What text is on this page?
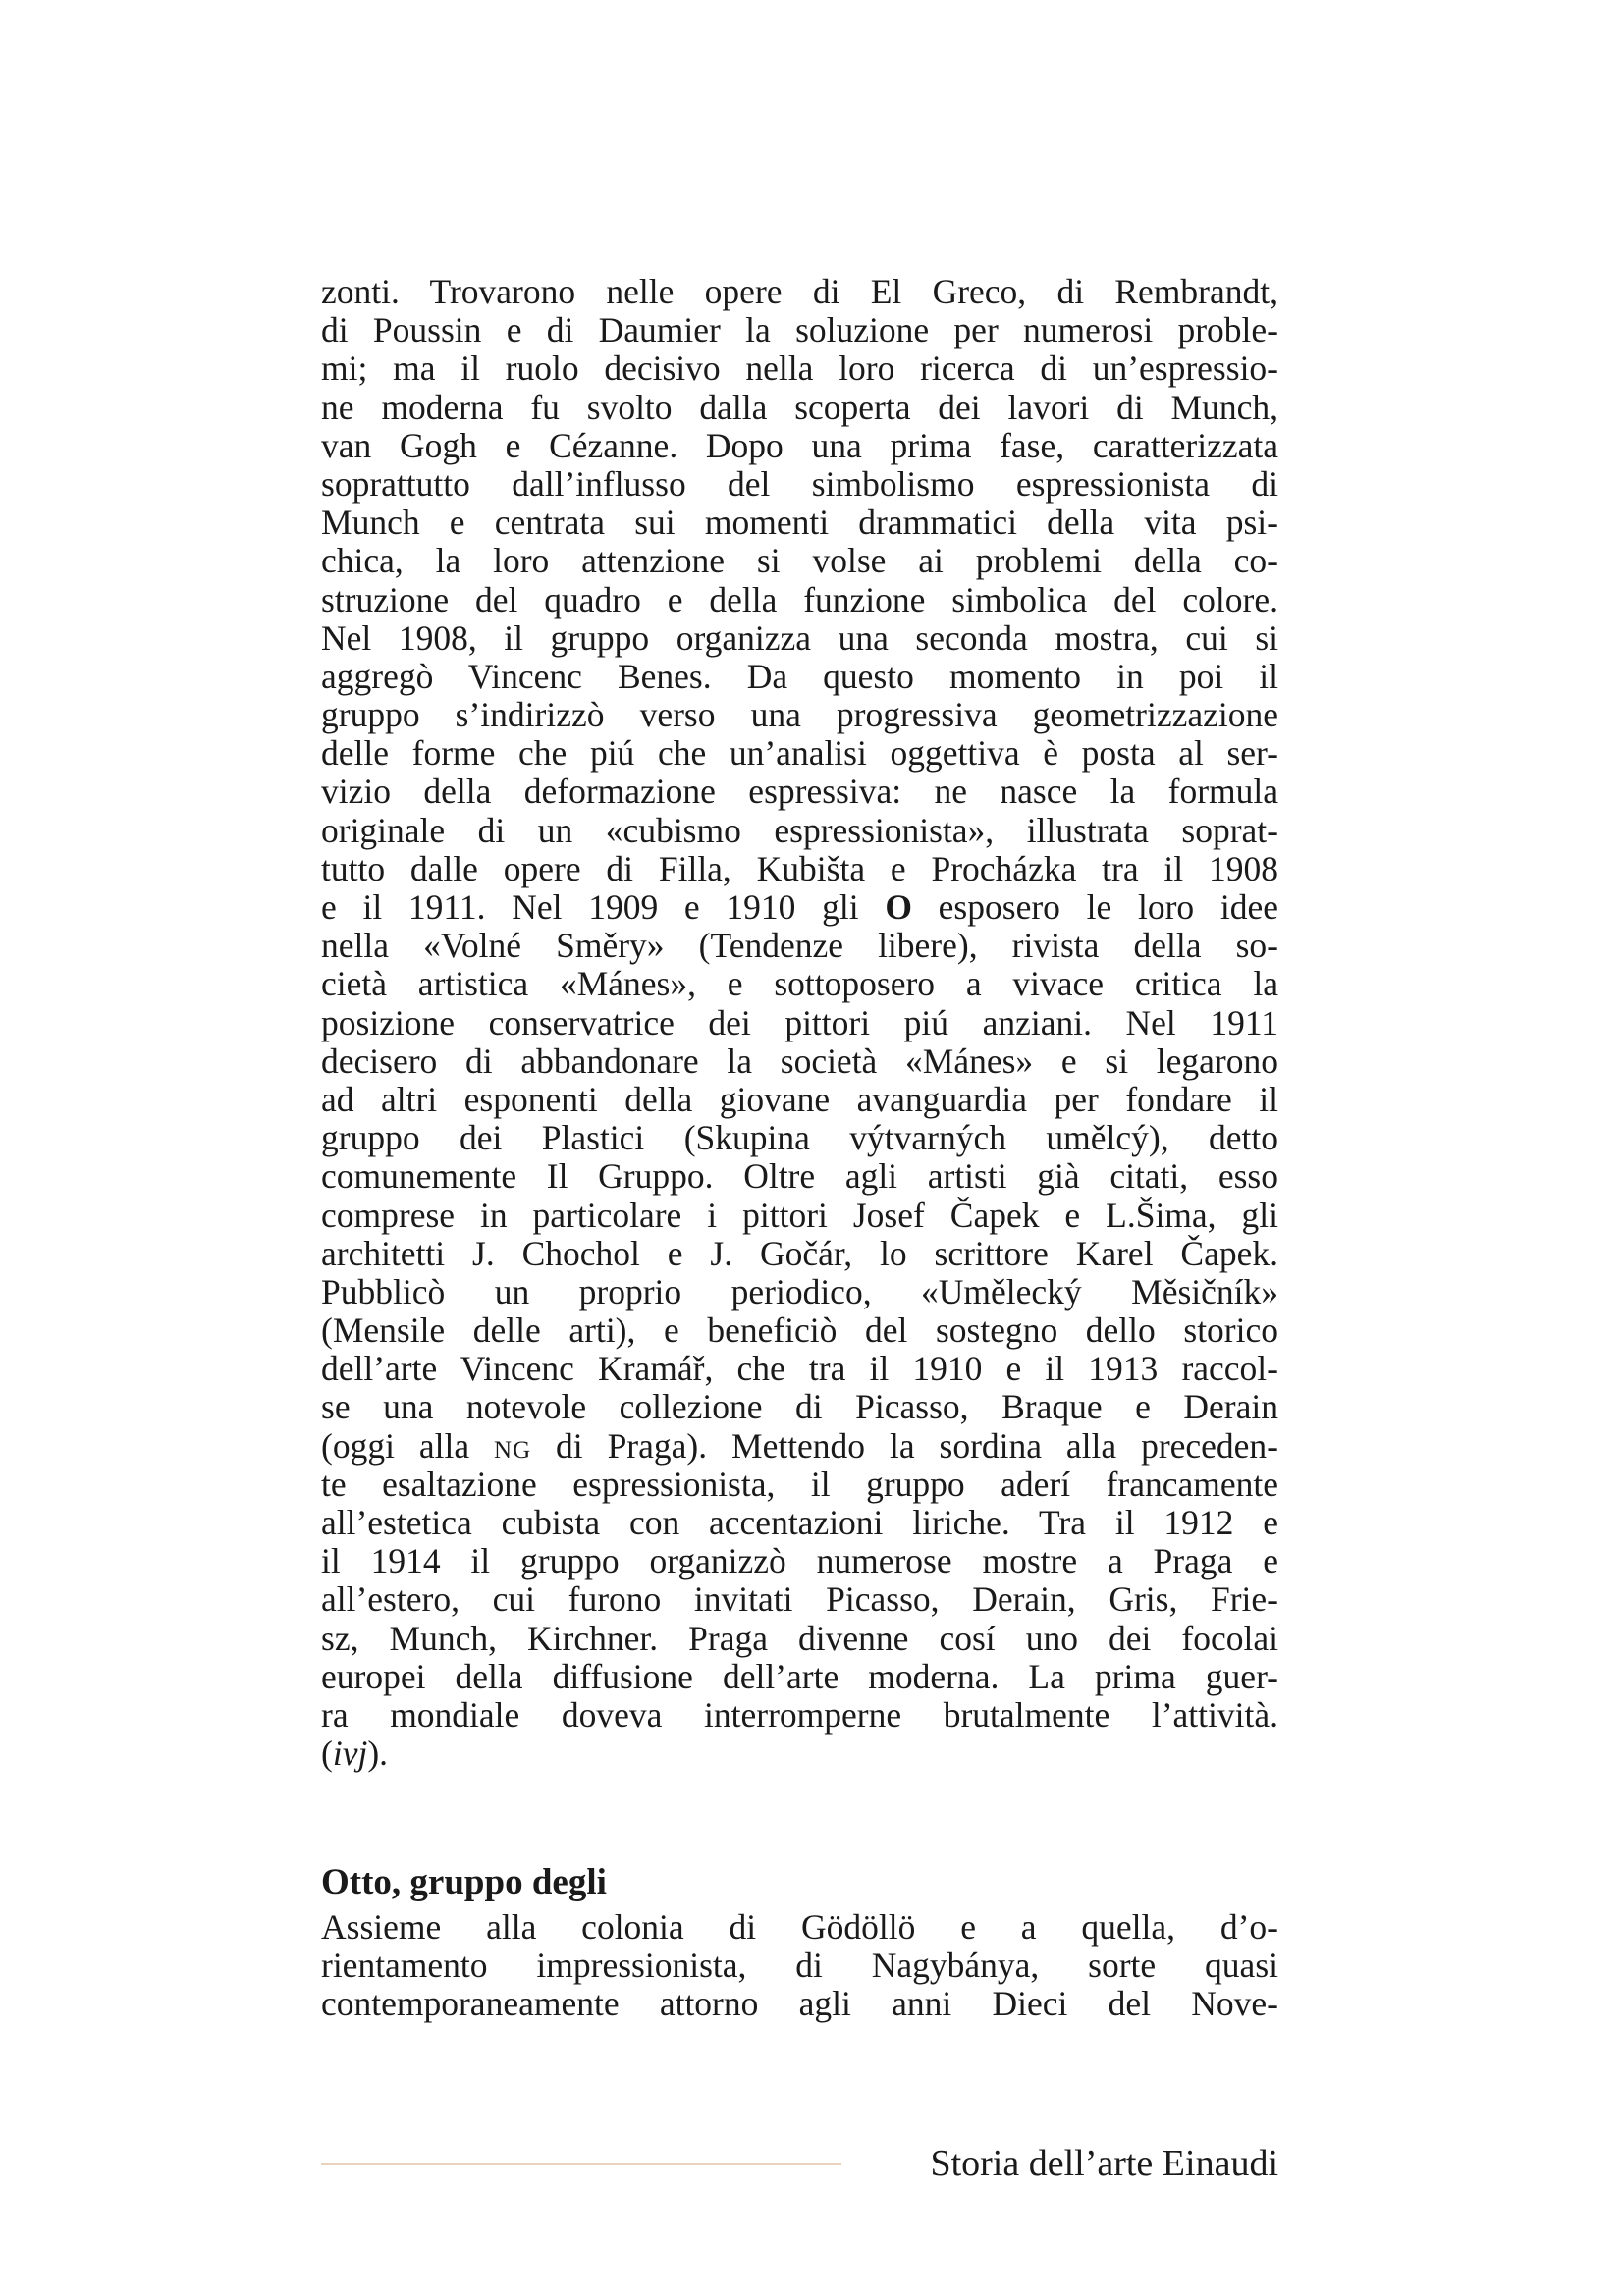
zonti. Trovarono nelle opere di El Greco, di Rembrandt,
di Poussin e di Daumier la soluzione per numerosi proble-
mi; ma il ruolo decisivo nella loro ricerca di un’espressio-
ne moderna fu svolto dalla scoperta dei lavori di Munch,
van Gogh e Cézanne. Dopo una prima fase, caratterizzata
soprattutto dall’influsso del simbolismo espressionista di
Munch e centrata sui momenti drammatici della vita psi-
chica, la loro attenzione si volse ai problemi della co-
struzione del quadro e della funzione simbolica del colore.
Nel 1908, il gruppo organizza una seconda mostra, cui si
aggregò Vincenc Benes. Da questo momento in poi il
gruppo s’indirizzò verso una progressiva geometrizzazione
delle forme che piú che un’analisi oggettiva è posta al ser-
vizio della deformazione espressiva: ne nasce la formula
originale di un «cubismo espressionista», illustrata soprat-
tutto dalle opere di Filla, Kubišta e Procházka tra il 1908
e il 1911. Nel 1909 e 1910 gli O esposero le loro idee
nella «Volné Směry» (Tendenze libere), rivista della so-
cietà artistica «Mánes», e sottoposero a vivace critica la
posizione conservatrice dei pittori piú anziani. Nel 1911
decisero di abbandonare la società «Mánes» e si legarono
ad altri esponenti della giovane avanguardia per fondare il
gruppo dei Plastici (Skupina výtvarných umělcý), detto
comunemente Il Gruppo. Oltre agli artisti già citati, esso
comprese in particolare i pittori Josef Čapek e L.Šima, gli
architetti J. Chochol e J. Gočár, lo scrittore Karel Čapek.
Pubblicò un proprio periodico, «Umělecký Měsičník»
(Mensile delle arti), e beneficiò del sostegno dello storico
dell’arte Vincenc Kramář, che tra il 1910 e il 1913 raccol-
se una notevole collezione di Picasso, Braque e Derain
(oggi alla NG di Praga). Mettendo la sordina alla preceden-
te esaltazione espressionista, il gruppo aderí francamente
all’estetica cubista con accentazioni liriche. Tra il 1912 e
il 1914 il gruppo organizzò numerose mostre a Praga e
all’estero, cui furono invitati Picasso, Derain, Gris, Frie-
sz, Munch, Kirchner. Praga divenne cosí uno dei focolai
europei della diffusione dell’arte moderna. La prima guer-
ra mondiale doveva interromperne brutalmente l’attività.
(ivj).
Otto, gruppo degli
Assieme alla colonia di Gödöllö e a quella, d’o-
rientamento impressionista, di Nagybánya, sorte quasi
contemporaneamente attorno agli anni Dieci del Nove-
Storia dell’arte Einaudi
